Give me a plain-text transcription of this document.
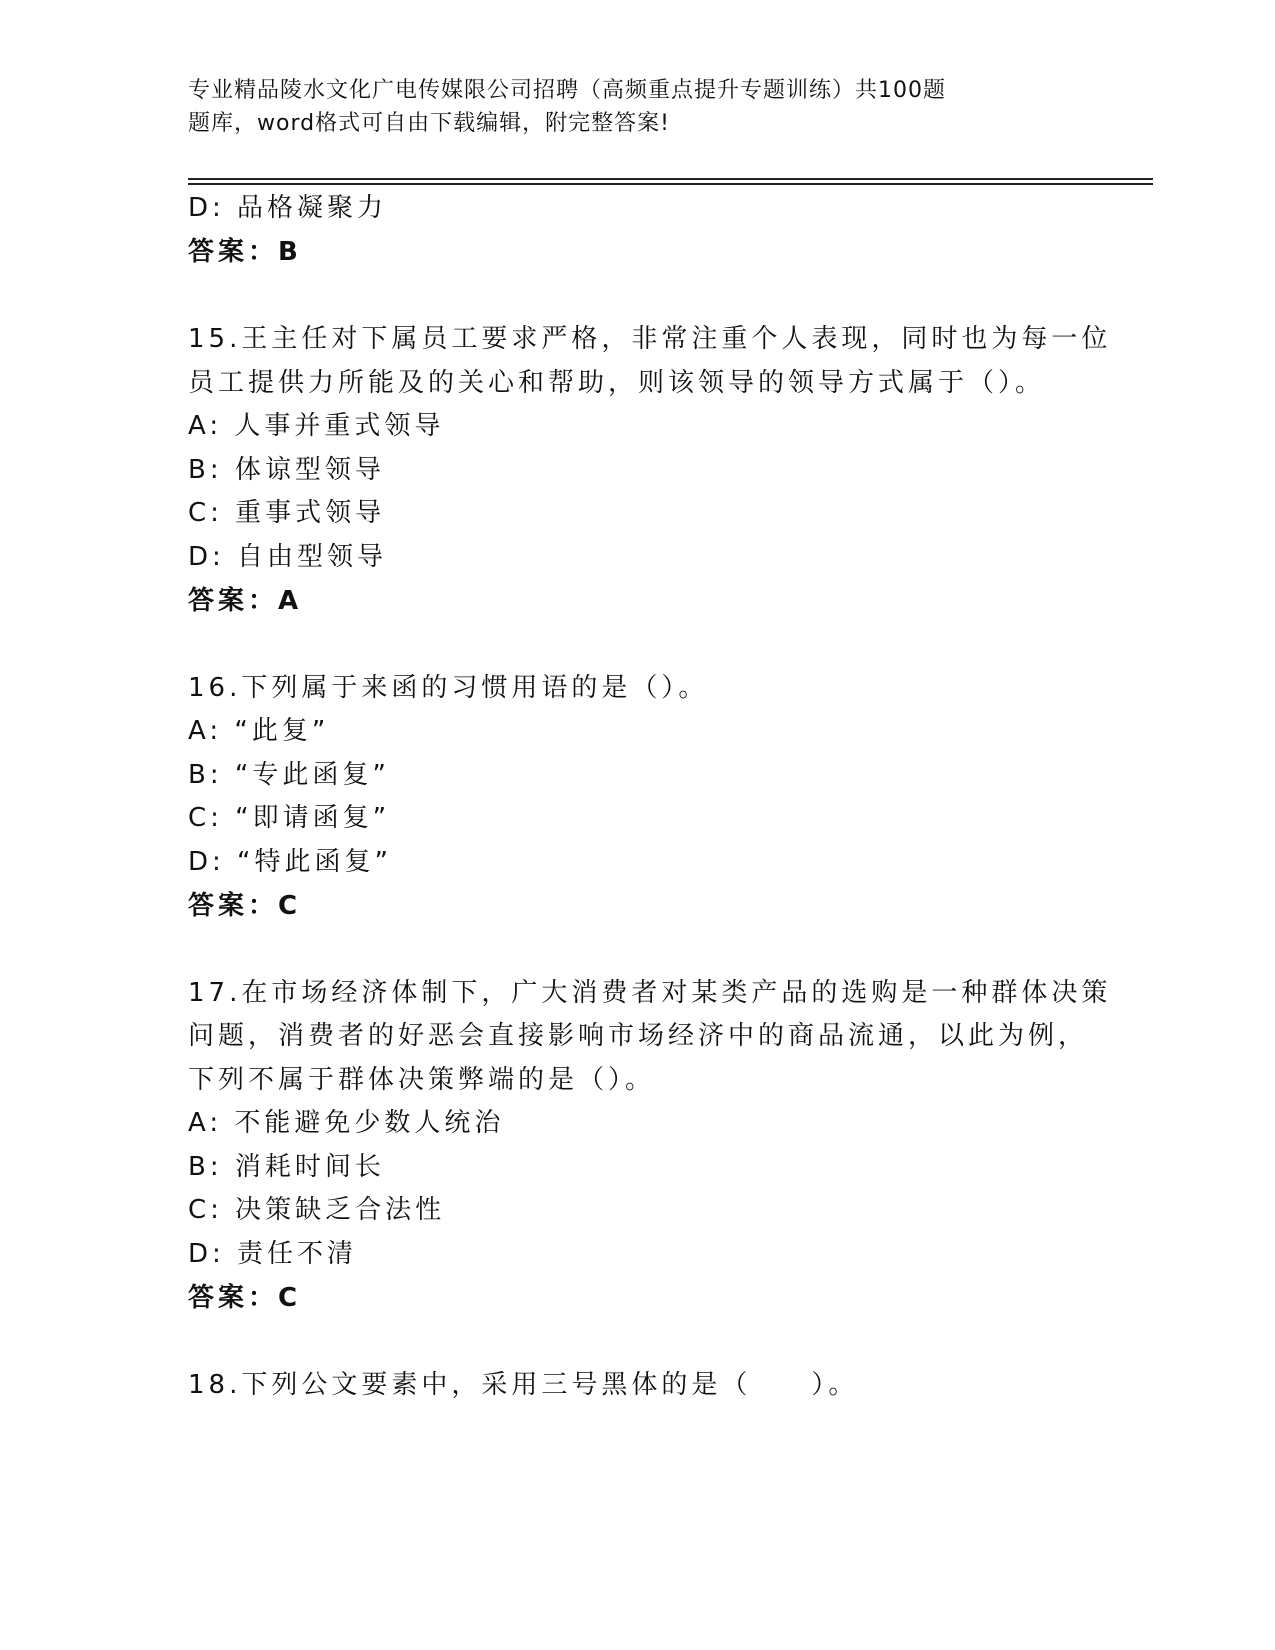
专业精品陵水文化广电传媒限公司招聘（高频重点提升专题训练）共100题
题库，word格式可自由下载编辑，附完整答案!
D: 品格凝聚力
答案：B
15.王主任对下属员工要求严格，非常注重个人表现，同时也为每一位
员工提供力所能及的关心和帮助，则该领导的领导方式属于（）。
A: 人事并重式领导
B: 体谅型领导
C: 重事式领导
D: 自由型领导
答案：A
16.下列属于来函的习惯用语的是（）。
A: “此复”
B: “专此函复”
C: “即请函复”
D: “特此函复”
答案：C
17.在市场经济体制下，广大消费者对某类产品的选购是一种群体决策
问题，消费者的好恶会直接影响市场经济中的商品流通，以此为例，
下列不属于群体决策弊端的是（）。
A: 不能避免少数人统治
B: 消耗时间长
C: 决策缺乏合法性
D: 责任不清
答案：C
18.下列公文要素中，采用三号黑体的是（　　）。
